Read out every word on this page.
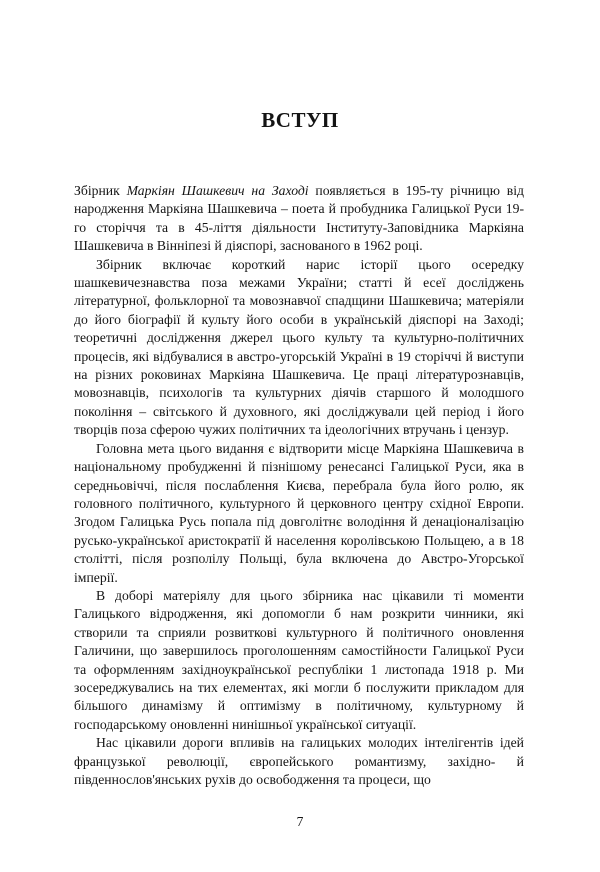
ВСТУП

Збірник Маркіян Шашкевич на Заході появляється в 195-ту річницю від народження Маркіяна Шашкевича – поета й пробудника Галицької Руси 19-го сторіччя та в 45-ліття діяльности Інституту-Заповідника Маркіяна Шашкевича в Вінніпезі й діяспорі, заснованого в 1962 році.

Збірник включає короткий нарис історії цього осередку шашкевичезнавства поза межами України; статті й есеї досліджень літературної, фольклорної та мовознавчої спадщини Шашкевича; матеріяли до його біографії й культу його особи в українській діяспорі на Заході; теоретичні дослідження джерел цього культу та культурно-політичних процесів, які відбувалися в австро-угорській Україні в 19 сторіччі й виступи на різних роковинах Маркіяна Шашкевича. Це праці літературознавців, мовознавців, психологів та культурних діячів старшого й молодшого покоління – світського й духовного, які досліджували цей період і його творців поза сферою чужих політичних та ідеологічних втручань і цензур.

Головна мета цього видання є відтворити місце Маркіяна Шашкевича в національному пробудженні й пізнішому ренесансі Галицької Руси, яка в середньовіччі, після послаблення Києва, перебрала була його ролю, як головного політичного, культурного й церковного центру східної Европи. Згодом Галицька Русь попала під довголітнє володіння й денаціоналізацію русько-української аристократії й населення королівською Польщею, а в 18 столітті, після розполілу Польщі, була включена до Австро-Угорської імперії.

В доборі матеріялу для цього збірника нас цікавили ті моменти Галицького відродження, які допомогли б нам розкрити чинники, які створили та сприяли розвиткові культурного й політичного оновлення Галичини, що завершилось проголошенням самостійности Галицької Руси та оформленням західноукраїнської республіки 1 листопада 1918 р. Ми зосереджувались на тих елементах, які могли б послужити прикладом для більшого динамізму й оптимізму в політичному, культурному й господарському оновленні нинішньої української ситуації.

Нас цікавили дороги впливів на галицьких молодих інтелігентів ідей французької революції, європейського романтизму, західно- й південнослов'янських рухів до освободження та процеси, що

7
